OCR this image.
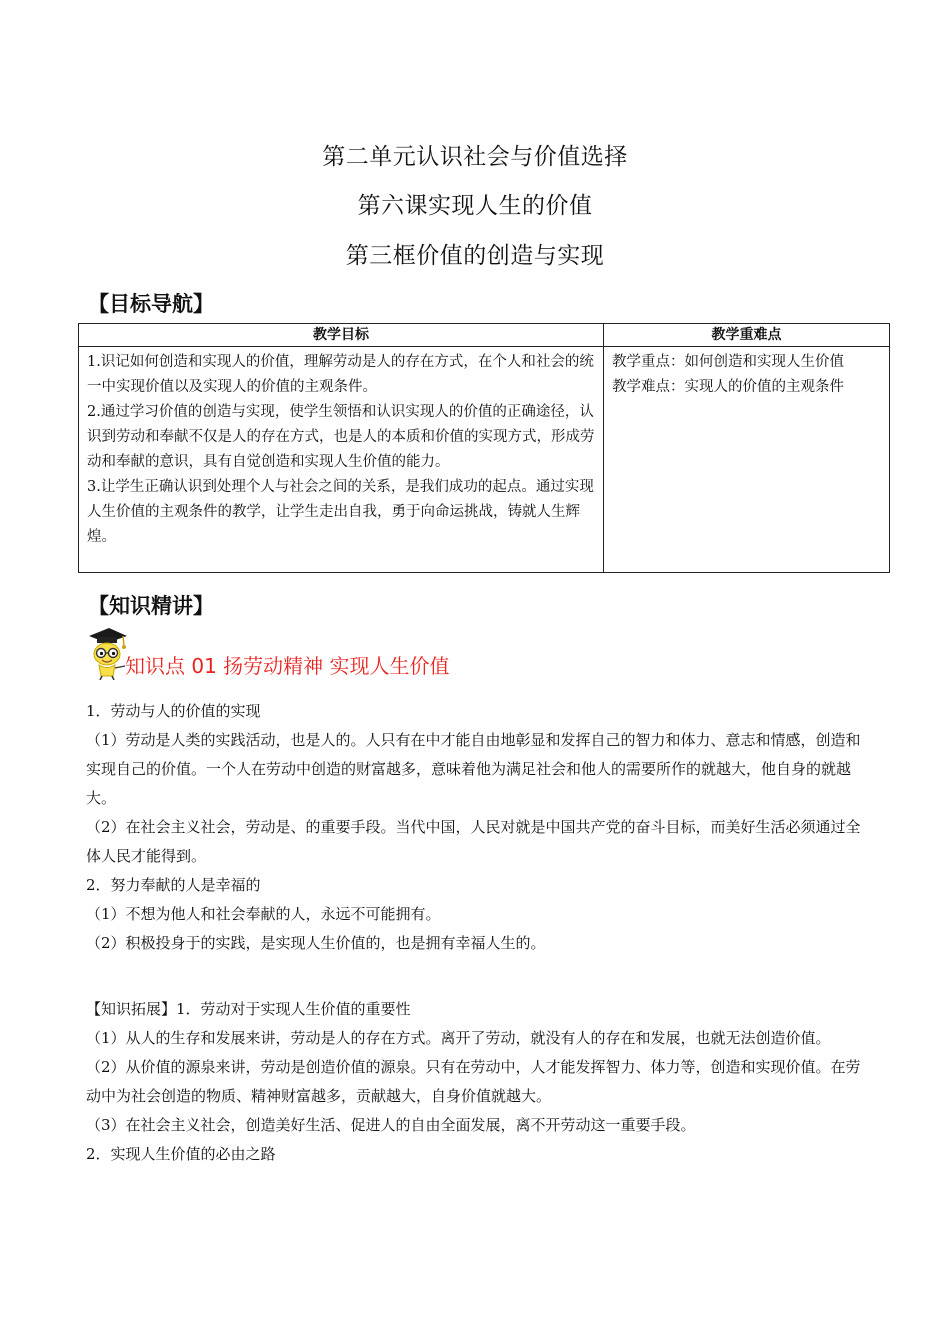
第二单元认识社会与价值选择
第六课实现人生的价值
第三框价值的创造与实现
【目标导航】
教学目标	教学重难点

1.识记如何创造和实现人的价值，理解劳动是人的存在方式，在个人和社会的统一中实现价值以及实现人的价值的主观条件。
2.通过学习价值的创造与实现，使学生领悟和认识实现人的价值的正确途径，认识到劳动和奉献不仅是人的存在方式，也是人的本质和价值的实现方式，形成劳动和奉献的意识，具有自觉创造和实现人生价值的能力。
3.让学生正确认识到处理个人与社会之间的关系，是我们成功的起点。通过实现人生价值的主观条件的教学，让学生走出自我，勇于向命运挑战，铸就人生辉煌。	教学重点：如何创造和实现人生价值
教学难点：实现人的价值的主观条件
【知识精讲】
知识点 01 扬劳动精神 实现人生价值
1．劳动与人的价值的实现
（1）劳动是人类的实践活动，也是人的。人只有在中才能自由地彰显和发挥自己的智力和体力、意志和情感，创造和实现自己的价值。一个人在劳动中创造的财富越多，意味着他为满足社会和他人的需要所作的就越大，他自身的就越大。
（2）在社会主义社会，劳动是、的重要手段。当代中国，人民对就是中国共产党的奋斗目标，而美好生活必须通过全体人民才能得到。
2．努力奉献的人是幸福的
（1）不想为他人和社会奉献的人，永远不可能拥有。
（2）积极投身于的实践，是实现人生价值的，也是拥有幸福人生的。
【知识拓展】1．劳动对于实现人生价值的重要性
（1）从人的生存和发展来讲，劳动是人的存在方式。离开了劳动，就没有人的存在和发展，也就无法创造价值。
（2）从价值的源泉来讲，劳动是创造价值的源泉。只有在劳动中，人才能发挥智力、体力等，创造和实现价值。在劳动中为社会创造的物质、精神财富越多，贡献越大，自身价值就越大。
（3）在社会主义社会，创造美好生活、促进人的自由全面发展，离不开劳动这一重要手段。
2．实现人生价值的必由之路
